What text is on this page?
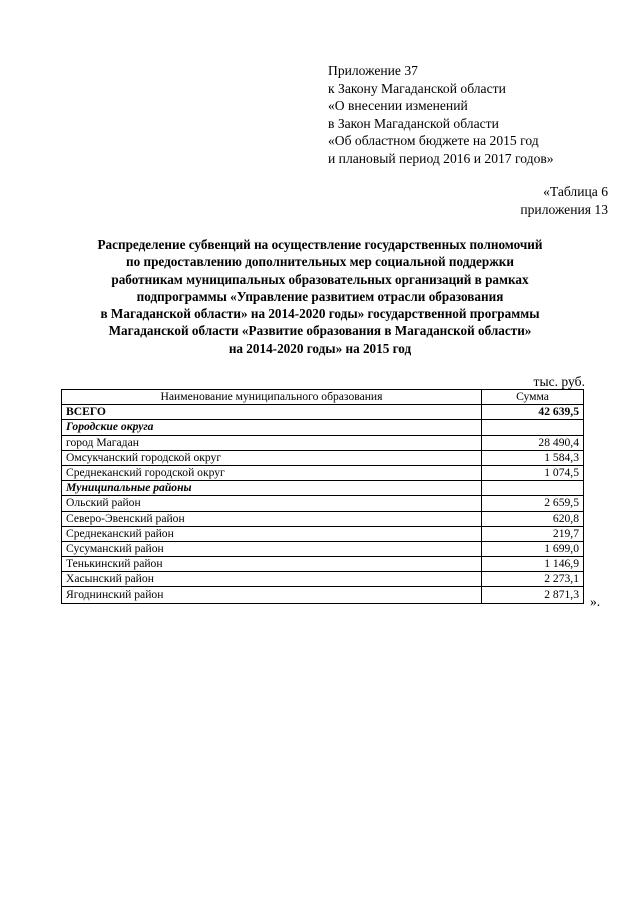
Приложение 37
к Закону Магаданской области
«О внесении изменений
в Закон Магаданской области
«Об областном бюджете на 2015 год
и плановый период 2016 и 2017 годов»
«Таблица 6
приложения 13
Распределение субвенций на осуществление государственных полномочий
по предоставлению дополнительных мер социальной поддержки
работникам муниципальных образовательных организаций в рамках
подпрограммы «Управление развитием отрасли образования
в Магаданской области» на 2014-2020 годы» государственной программы
Магаданской области «Развитие образования в Магаданской области»
на 2014-2020 годы» на 2015 год
тыс. руб.
Наименование муниципального образования	Сумма
ВСЕГО	42 639,5
Городские округа	
город Магадан	28 490,4
Омсукчанский городской округ	1 584,3
Среднеканский городской округ	1 074,5
Муниципальные районы	
Ольский район	2 659,5
Северо-Эвенский район	620,8
Среднеканский район	219,7
Сусуманский район	1 699,0
Тенькинский район	1 146,9
Хасынский район	2 273,1
Ягоднинский район	2 871,3 ».
